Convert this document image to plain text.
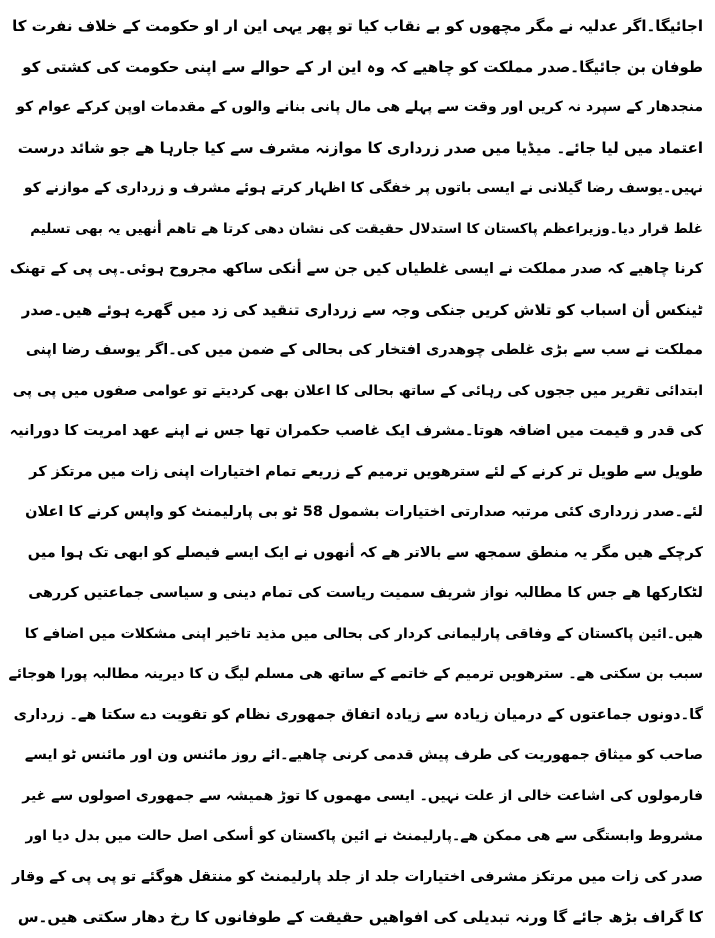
اجائیگا۔اگر عدلیہ نے مگر مچھوں کو بے نقاب کیا تو پھر یہی این ار او حکومت کے خلاف نفرت کا
طوفان بن جائیگا۔صدر مملکت کو چاھیے کہ وہ این ار کے حوالے سے اپنی حکومت کی کشتی کو
منجدھار کے سپرد نہ کریں اور وقت سے پہلے ھی مال پانی بنانے والوں کے مقدمات اوپن کرکے عوام کو
اعتماد میں لیا جائے۔ میڈیا میں صدر زرداری کا موازنہ مشرف سے کیا جارہا ھے جو شائد درست
نہیں۔یوسف رضا گیلانی نے ایسی باتوں پر خفگی کا اظہار کرتے ہوئے مشرف و زرداری کے موازنے کو
غلط قرار دیا۔وزیراعظم پاکستان کا استدلال حقیقت کی نشان دھی کرتا ھے تاھم أنھیں یہ بھی تسلیم
کرنا چاھیے کہ صدر مملکت نے ایسی غلطیاں کیں جن سے أنکی ساکھ مجروح ہوئی۔پی پی کے تھنک
ٹینکس أن اسباب کو تلاش کریں جنکی وجہ سے زرداری تنقید کی زد میں گھرے ہوئے ھیں۔صدر
مملکت نے سب سے بڑی غلطی چوھدری افتخار کی بحالی کے ضمن میں کی۔اگر یوسف رضا اپنی
ابتدائی تقریر میں ججوں کی رہائی کے ساتھ بحالی کا اعلان بھی کردیتے تو عوامی صفوں میں پی پی
کی قدر و قیمت میں اضافہ ھوتا۔مشرف ایک غاصب حکمران تھا جس نے اپنے عھد امریت کا دورانیہ
طویل سے طویل تر کرنے کے لئے سترھویں ترمیم کے زریعے تمام اختیارات اپنی زات میں مرتکز کر
لئے۔صدر زرداری کئی مرتبہ صدارتی اختیارات بشمول 58 ٹو بی پارلیمنٹ کو واپس کرنے کا اعلان
کرچکے ھیں مگر یہ منطق سمجھ سے بالاتر ھے کہ أنھوں نے ایک ایسے فیصلے کو ابھی تک ہوا میں
لٹکارکھا ھے جس کا مطالبہ نواز شریف سمیت ریاست کی تمام دینی و سیاسی جماعتیں کررھی
ھیں۔ائین پاکستان کے وفاقی پارلیمانی کردار کی بحالی میں مذید تاخیر اپنی مشکلات میں اضافے کا
سبب بن سکتی ھے۔ سترھویں ترمیم کے خاتمے کے ساتھ ھی مسلم لیگ ن کا دیرینہ مطالبہ پورا ھوجائے
گا۔دونوں جماعتوں کے درمیان زیادہ سے زیادہ اتفاق جمھوری نظام کو تقویت دے سکتا ھے۔ زرداری
صاحب کو میثاق جمھوریت کی طرف پیش قدمی کرنی چاھیے۔ائے روز مائنس ون اور مائنس ٹو ایسے
فارمولوں کی اشاعت خالی از علت نہیں۔ ایسی مھموں کا توڑ ھمیشہ سے جمھوری اصولوں سے غیر
مشروط وابستگی سے ھی ممکن ھے۔پارلیمنٹ نے ائین پاکستان کو أسکی اصل حالت میں بدل دیا اور
صدر کی زات میں مرتکز مشرفی اختیارات جلد از جلد پارلیمنٹ کو منتقل ھوگئے تو پی پی کے وقار
کا گراف بڑھ جائے گا ورنہ تبدیلی کی افواھیں حقیقت کے طوفانوں کا رخ دھار سکتی ھیں۔س
